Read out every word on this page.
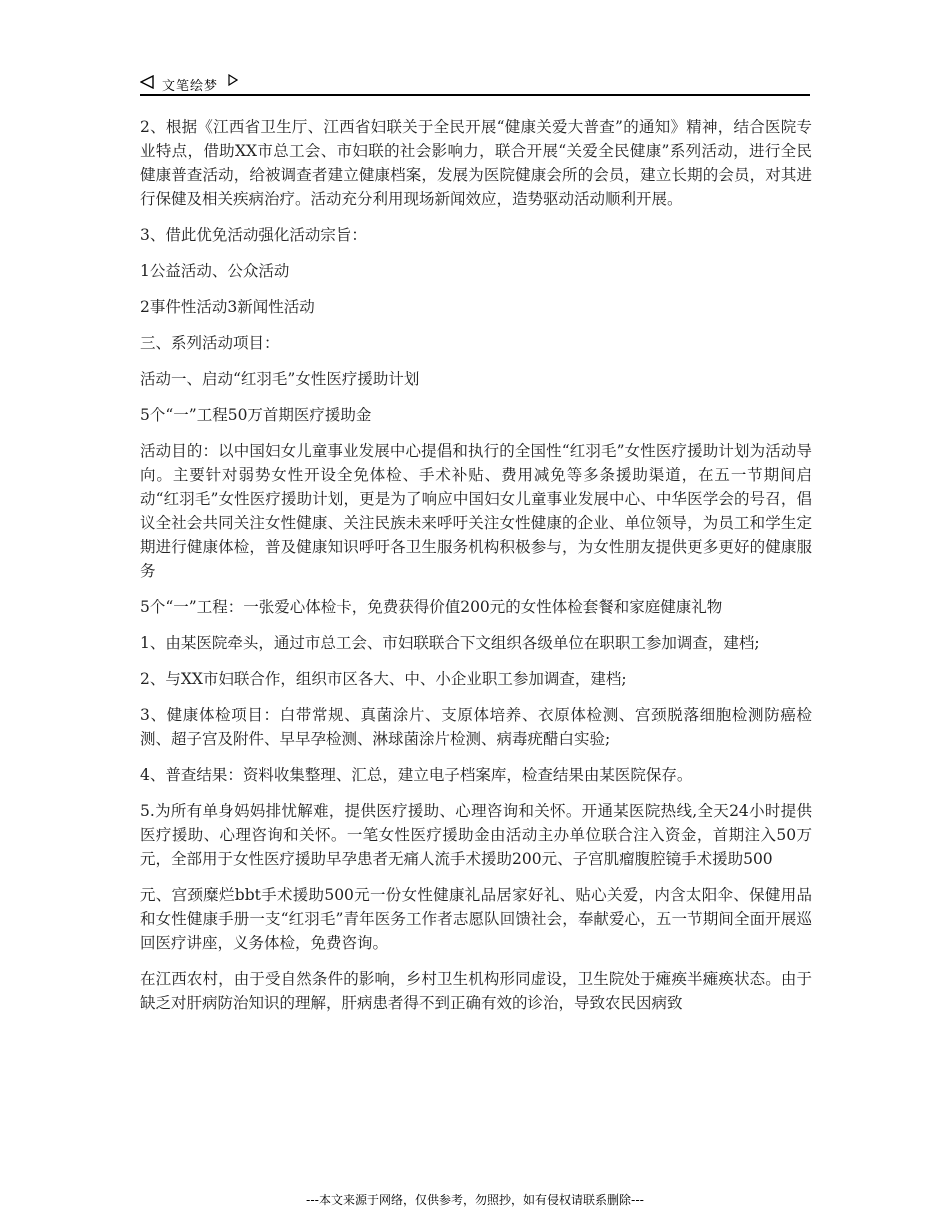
文笔绘梦

2、根据《江西省卫生厅、江西省妇联关于全民开展“健康关爱大普查”的通知》精神，结合医院专业特点，借助XX市总工会、市妇联的社会影响力，联合开展“关爱全民健康”系列活动，进行全民健康普查活动，给被调查者建立健康档案，发展为医院健康会所的会员，建立长期的会员，对其进行保健及相关疾病治疗。活动充分利用现场新闻效应，造势驱动活动顺利开展。

3、借此优免活动强化活动宗旨：

1公益活动、公众活动

2事件性活动3新闻性活动

三、系列活动项目：

活动一、启动“红羽毛”女性医疗援助计划

5个“一”工程50万首期医疗援助金

活动目的：以中国妇女儿童事业发展中心提倡和执行的全国性“红羽毛”女性医疗援助计划为活动导向。主要针对弱势女性开设全免体检、手术补贴、费用减免等多条援助渠道，在五一节期间启动“红羽毛”女性医疗援助计划，更是为了响应中国妇女儿童事业发展中心、中华医学会的号召，倡议全社会共同关注女性健康、关注民族未来呼吁关注女性健康的企业、单位领导，为员工和学生定期进行健康体检，普及健康知识呼吁各卫生服务机构积极参与，为女性朋友提供更多更好的健康服务

5个“一”工程：一张爱心体检卡，免费获得价值200元的女性体检套餐和家庭健康礼物

1、由某医院牵头，通过市总工会、市妇联联合下文组织各级单位在职职工参加调查，建档;

2、与XX市妇联合作，组织市区各大、中、小企业职工参加调查，建档;

3、健康体检项目：白带常规、真菌涂片、支原体培养、衣原体检测、宫颈脱落细胞检测防癌检测、超子宫及附件、早早孕检测、淋球菌涂片检测、病毒疣醋白实验;

4、普查结果：资料收集整理、汇总，建立电子档案库，检查结果由某医院保存。

5.为所有单身妈妈排忧解难，提供医疗援助、心理咨询和关怀。开通某医院热线,全天24小时提供医疗援助、心理咨询和关怀。一笔女性医疗援助金由活动主办单位联合注入资金，首期注入50万元，全部用于女性医疗援助早孕患者无痛人流手术援助200元、子宫肌瘤腹腔镜手术援助500

元、宫颈糜烂bbt手术援助500元一份女性健康礼品居家好礼、贴心关爱，内含太阳伞、保健用品和女性健康手册一支“红羽毛”青年医务工作者志愿队回馈社会，奉献爱心，五一节期间全面开展巡回医疗讲座，义务体检，免费咨询。

在江西农村，由于受自然条件的影响，乡村卫生机构形同虚设，卫生院处于瘫痪半瘫痪状态。由于缺乏对肝病防治知识的理解，肝病患者得不到正确有效的诊治，导致农民因病致

---本文来源于网络，仅供参考，勿照抄，如有侵权请联系删除---
